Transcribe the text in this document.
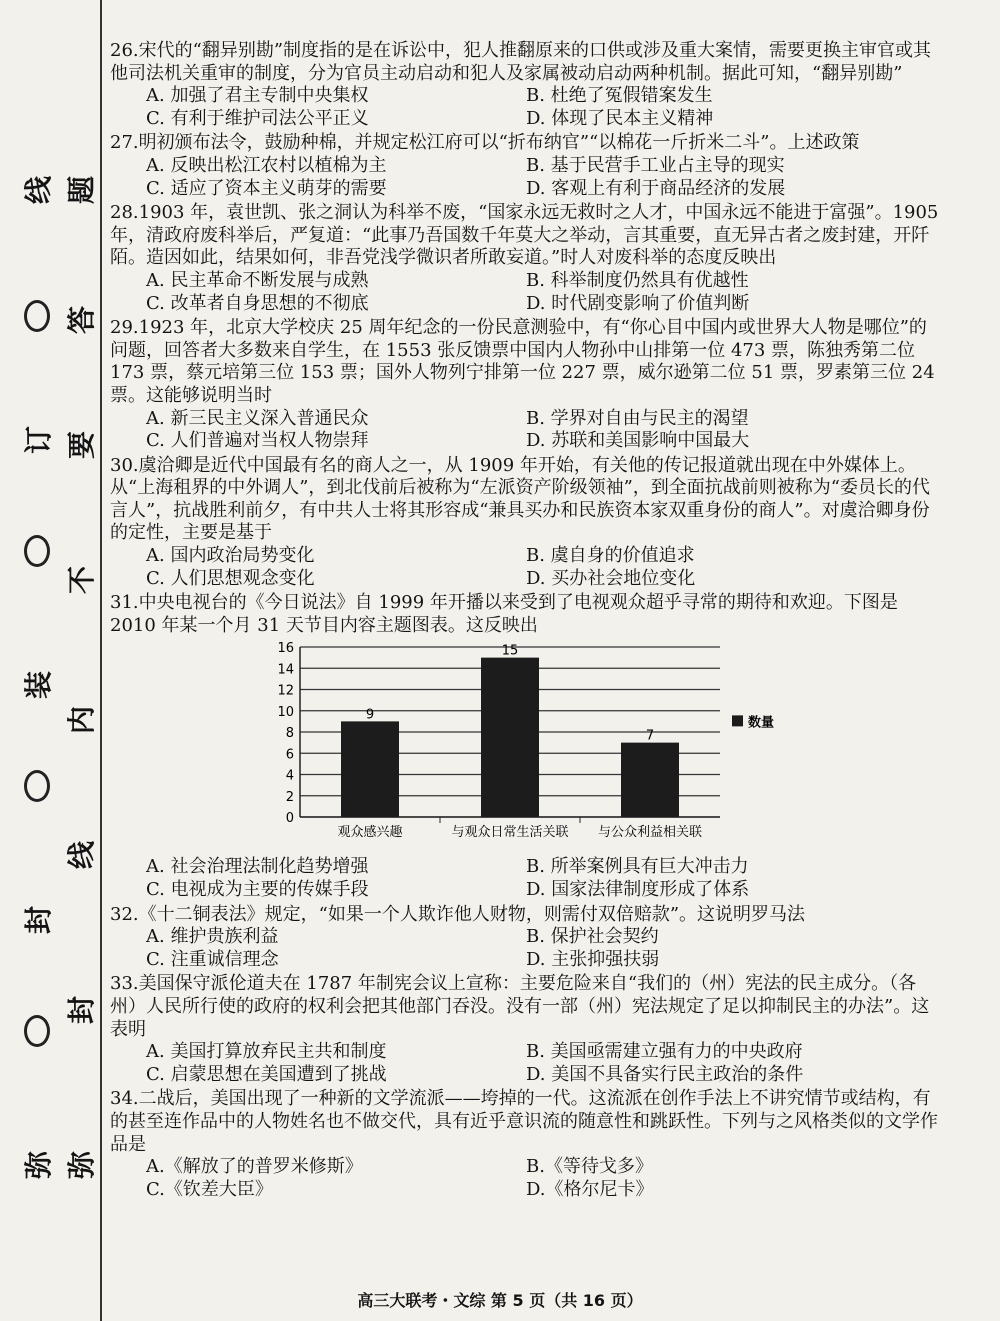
线
订
装
封
弥
题
答
要
不
内
线
封
弥
26.宋代的“翻异别勘”制度指的是在诉讼中，犯人推翻原来的口供或涉及重大案情，需要更换主审官或其他司法机关重审的制度，分为官员主动启动和犯人及家属被动启动两种机制。据此可知，“翻异别勘”
A. 加强了君主专制中央集权	B. 杜绝了冤假错案发生
C. 有利于维护司法公平正义	D. 体现了民本主义精神
27.明初颁布法令，鼓励种棉，并规定松江府可以“折布纳官”“以棉花一斤折米二斗”。上述政策
A. 反映出松江农村以植棉为主	B. 基于民营手工业占主导的现实
C. 适应了资本主义萌芽的需要	D. 客观上有利于商品经济的发展
28.1903 年，袁世凯、张之洞认为科举不废，“国家永远无救时之人才，中国永远不能进于富强”。1905 年，清政府废科举后，严复道：“此事乃吾国数千年莫大之举动，言其重要，直无异古者之废封建，开阡陌。造因如此，结果如何，非吾党浅学微识者所敢妄道。”时人对废科举的态度反映出
A. 民主革命不断发展与成熟	B. 科举制度仍然具有优越性
C. 改革者自身思想的不彻底	D. 时代剧变影响了价值判断
29.1923 年，北京大学校庆 25 周年纪念的一份民意测验中，有“你心目中国内或世界大人物是哪位”的问题，回答者大多数来自学生，在 1553 张反馈票中国内人物孙中山排第一位 473 票，陈独秀第二位 173 票，蔡元培第三位 153 票；国外人物列宁排第一位 227 票，威尔逊第二位 51 票，罗素第三位 24 票。这能够说明当时
A. 新三民主义深入普通民众	B. 学界对自由与民主的渴望
C. 人们普遍对当权人物崇拜	D. 苏联和美国影响中国最大
30.虞洽卿是近代中国最有名的商人之一，从 1909 年开始，有关他的传记报道就出现在中外媒体上。从“上海租界的中外调人”，到北伐前后被称为“左派资产阶级领袖”，到全面抗战前则被称为“委员长的代言人”，抗战胜利前夕，有中共人士将其形容成“兼具买办和民族资本家双重身份的商人”。对虞洽卿身份的定性，主要是基于
A. 国内政治局势变化	B. 虞自身的价值追求
C. 人们思想观念变化	D. 买办社会地位变化
31.中央电视台的《今日说法》自 1999 年开播以来受到了电视观众超乎寻常的期待和欢迎。下图是 2010 年某一个月 31 天节目内容主题图表。这反映出
0
2
4
6
8
10
12
14
16
9
观众感兴趣
15
与观众日常生活关联
7
与公众利益相关联
数量
A. 社会治理法制化趋势增强	B. 所举案例具有巨大冲击力
C. 电视成为主要的传媒手段	D. 国家法律制度形成了体系
32.《十二铜表法》规定，“如果一个人欺诈他人财物，则需付双倍赔款”。这说明罗马法
A. 维护贵族利益	B. 保护社会契约
C. 注重诚信理念	D. 主张抑强扶弱
33.美国保守派伦道夫在 1787 年制宪会议上宣称：主要危险来自“我们的（州）宪法的民主成分。（各州）人民所行使的政府的权利会把其他部门吞没。没有一部（州）宪法规定了足以抑制民主的办法”。这表明
A. 美国打算放弃民主共和制度	B. 美国亟需建立强有力的中央政府
C. 启蒙思想在美国遭到了挑战	D. 美国不具备实行民主政治的条件
34.二战后，美国出现了一种新的文学流派——垮掉的一代。这流派在创作手法上不讲究情节或结构，有的甚至连作品中的人物姓名也不做交代，具有近乎意识流的随意性和跳跃性。下列与之风格类似的文学作品是
A.《解放了的普罗米修斯》	B.《等待戈多》
C.《钦差大臣》	D.《格尔尼卡》
高三大联考・文综 第 5 页（共 16 页）
